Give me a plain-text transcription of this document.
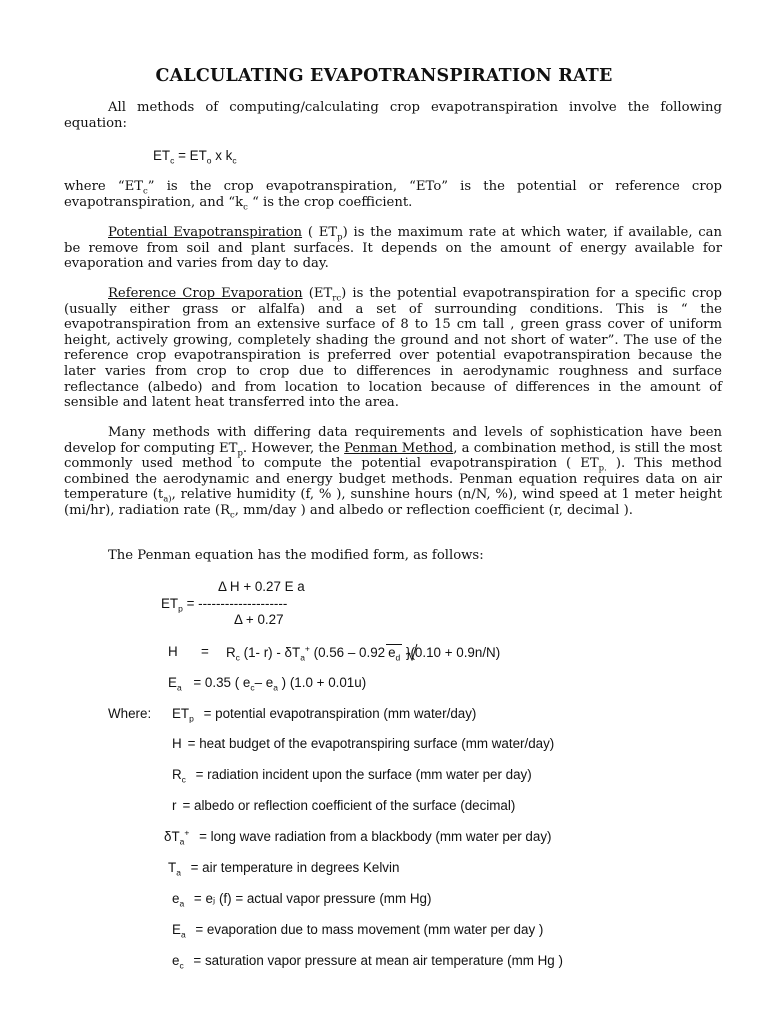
CALCULATING EVAPOTRANSPIRATION RATE
All methods of computing/calculating crop evapotranspiration involve the following equation:
$ET_c = ET_o$ x $k_c$
where “$ET_c$” is the crop evapotranspiration, “ETo” is the potential or reference crop evapotranspiration, and “$k_c$ “ is the crop coefficient.
Potential Evapotranspiration ( $ET_p$) is the maximum rate at which water, if available, can be remove from soil and plant surfaces. It depends on the amount of energy available for evaporation and varies from day to day.
Reference Crop Evaporation $(ET_{rc})$ is the potential evapotranspiration for a specific crop (usually either grass or alfalfa) and a set of surrounding conditions. This is “ the evapotranspiration from an extensive surface of 8 to 15 cm tall , green grass cover of uniform height, actively growing, completely shading the ground and not short of water”. The use of the reference crop evapotranspiration is preferred over potential evapotranspiration because the later varies from crop to crop due to differences in aerodynamic roughness and surface reflectance (albedo) and from location to location because of differences in the amount of sensible and latent heat transferred into the area.
Many methods with differing data requirements and levels of sophistication have been develop for computing $ET_p$. However, the Penman Method, a combination method, is still the most commonly used method to compute the potential evapotranspiration ( $ET_{p.}$ ). This method combined the aerodynamic and energy budget methods. Penman equation requires data on air temperature ($t_{a)}$, relative humidity (f, % ), sunshine hours (n/N, %), wind speed at 1 meter height (mi/hr), radiation rate ($R_c$, mm/day ) and albedo or reflection coefficient (r, decimal ).
The Penman equation has the modified form, as follows:
Δ H + 0.27 E a
$ET_p$ = --------------------
Δ + 0.27
$H = R_c$ (1- $r) - \delta T_a^+$ (0.56 – 0.92 $e_d$ }(0.10 + 0.9n/N)
$E_a = 0.35$ ( $e_c-$ $e_a$ ) (1.0 + 0.01u)
Where: $ET_p$ = potential evapotranspiration (mm water/day)
H = heat budget of the evapotranspiring surface (mm water/day)
$R_c$ = radiation incident upon the surface (mm water per day)
r = albedo or reflection coefficient of the surface (decimal)
$\delta T_a^+$ = long wave radiation from a blackbody (mm water per day)
$T_a$ = air temperature in degrees Kelvin
$e_a$ = eⱼ (f) = actual vapor pressure (mm Hg)
$E_a$ = evaporation due to mass movement (mm water per day )
$e_c$ = saturation vapor pressure at mean air temperature (mm Hg )
